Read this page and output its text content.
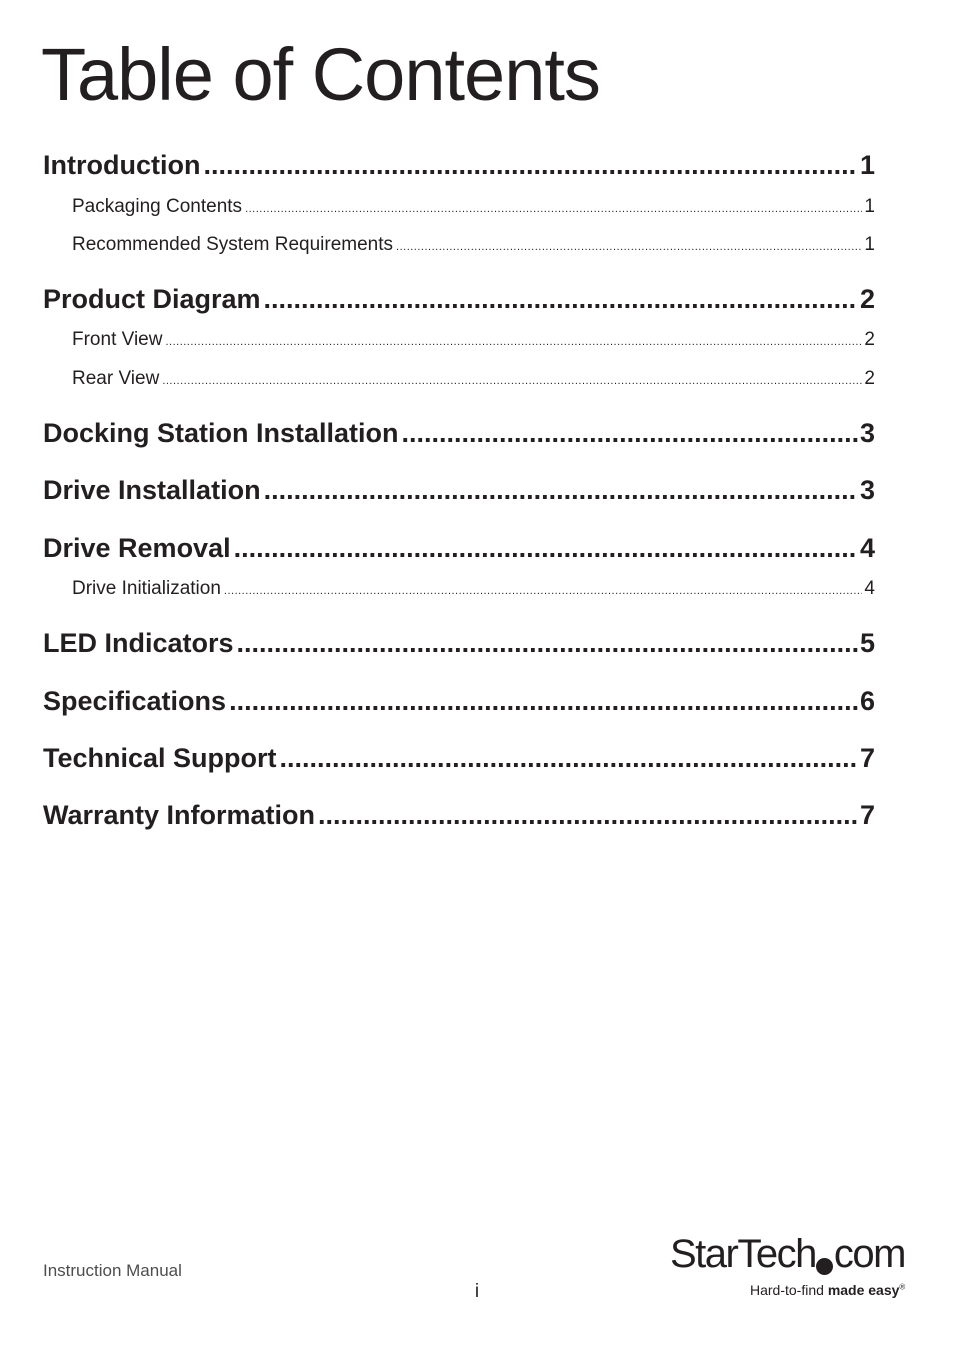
Table of Contents
Introduction .....	1
Packaging Contents .....	1
Recommended System Requirements .....	1
Product Diagram .....	2
Front View .....	2
Rear View .....	2
Docking Station Installation .....	3
Drive Installation .....	3
Drive Removal .....	4
Drive Initialization .....	4
LED Indicators .....	5
Specifications .....	6
Technical Support .....	7
Warranty Information .....	7
Instruction Manual
i
StarTech com
Hard-to-find made easy®
